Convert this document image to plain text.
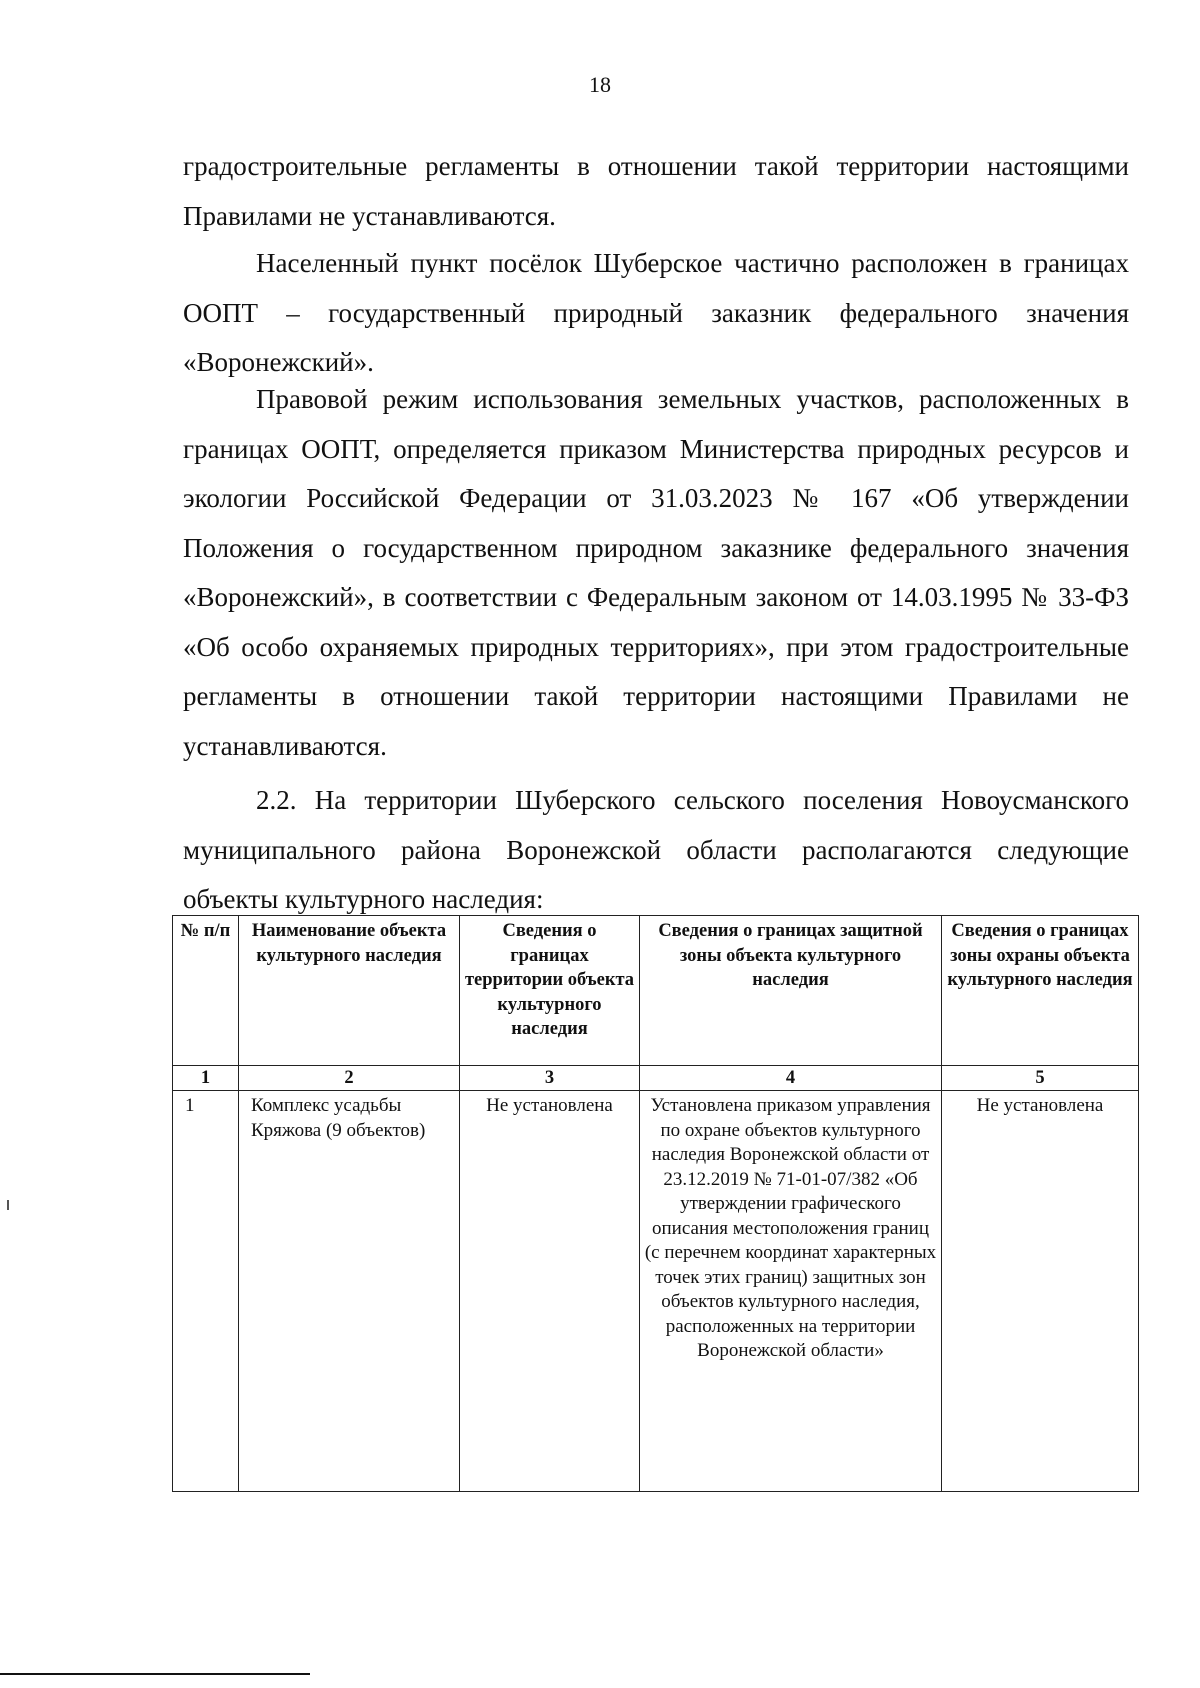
18

градостроительные регламенты в отношении такой территории настоящими Правилами не устанавливаются.

Населенный пункт посёлок Шуберское частично расположен в границах ООПТ – государственный природный заказник федерального значения «Воронежский».

Правовой режим использования земельных участков, расположенных в границах ООПТ, определяется приказом Министерства природных ресурсов и экологии Российской Федерации от 31.03.2023 № 167 «Об утверждении Положения о государственном природном заказнике федерального значения «Воронежский», в соответствии с Федеральным законом от 14.03.1995 № 33-ФЗ «Об особо охраняемых природных территориях», при этом градостроительные регламенты в отношении такой территории настоящими Правилами не устанавливаются.

2.2. На территории Шуберского сельского поселения Новоусманского муниципального района Воронежской области располагаются следующие объекты культурного наследия:

№ п/п	Наименование объекта культурного наследия	Сведения о границах территории объекта культурного наследия	Сведения о границах защитной зоны объекта культурного наследия	Сведения о границах зоны охраны объекта культурного наследия
1	2	3	4	5
1	Комплекс усадьбы Кряжова (9 объектов)	Не установлена	Установлена приказом управления по охране объектов культурного наследия Воронежской области от 23.12.2019 № 71-01-07/382 «Об утверждении графического описания местоположения границ (с перечнем координат характерных точек этих границ) защитных зон объектов культурного наследия, расположенных на территории Воронежской области»	Не установлена
